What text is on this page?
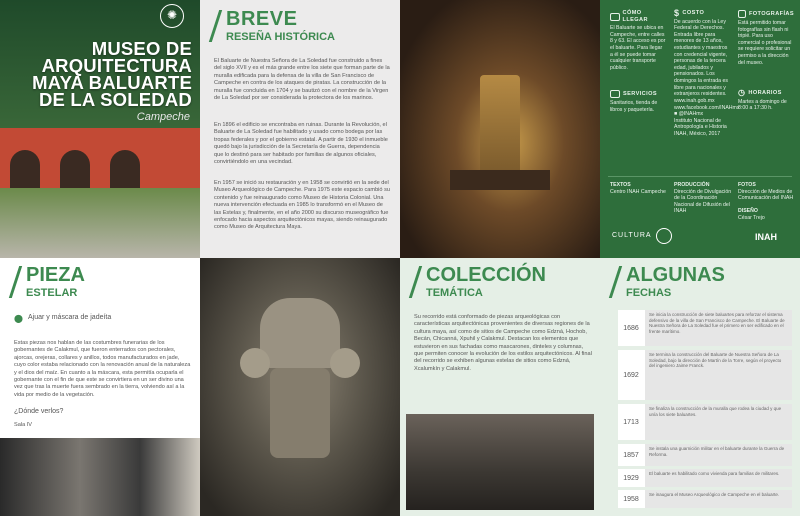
✺
MUSEO DE
ARQUITECTURA
MAYA BALUARTE
DE LA SOLEDAD
Campeche
BREVE
RESEÑA HISTÓRICA
El Baluarte de Nuestra Señora de La Soledad fue construido a fines del siglo XVII y es el más grande entre los siete que forman parte de la muralla edificada para la defensa de la villa de San Francisco de Campeche en contra de los ataques de piratas. La construcción de la muralla fue concluida en 1704 y se bautizó con el nombre de la Virgen de La Soledad por ser considerada la protectora de los marinos.
En 1896 el edificio se encontraba en ruinas. Durante la Revolución, el Baluarte de La Soledad fue habilitado y usado como bodega por las tropas federales y por el gobierno estatal. A partir de 1930 el inmueble quedó bajo la jurisdicción de la Secretaría de Guerra, dependencia que lo destinó para ser habitado por familias de algunos oficiales, convirtiéndolo en una vecindad.
En 1957 se inició su restauración y en 1958 se convirtió en la sede del Museo Arqueológico de Campeche. Para 1975 este espacio cambió su contenido y fue reinaugurado como Museo de Historia Colonial. Una nueva intervención efectuada en 1985 lo transformó en el Museo de las Estelas y, finalmente, en el año 2000 su discurso museográfico fue enfocado hacia aspectos arquitectónicos mayas, siendo reinaugurado como Museo de Arquitectura Maya.
CÓMO LLEGAR
El Baluarte se ubica en Campeche, entre calles 8 y 63. El acceso es por el baluarte. Para llegar a él se puede tomar cualquier transporte público.
$ COSTO
De acuerdo con la Ley Federal de Derechos. Entrada libre para menores de 13 años, estudiantes y maestros con credencial vigente, personas de la tercera edad, jubilados y pensionados. Los domingos la entrada es libre para nacionales y extranjeros residentes.
FOTOGRAFÍAS
Está permitido tomar fotografías sin flash ni tripié. Para uso comercial o profesional se requiere solicitar un permiso a la dirección del museo.
SERVICIOS
Sanitarios, tienda de libros y paquetería.
◷ HORARIOS
Martes a domingo de 8:00 a 17:30 h.
www.inah.gob.mx
www.facebook.com/INAHmx
■ @INAHmx
Instituto Nacional de Antropología e Historia
INAH, México, 2017
TEXTOS
Centro INAH Campeche
PRODUCCIÓN
Dirección de Divulgación de la Coordinación Nacional de Difusión del INAH
FOTOS
Dirección de Medios de Comunicación del INAH
DISEÑO
César Trejo
CULTURA	INAH
PIEZA
ESTELAR
⬤ Ajuar y máscara de jadeíta
Estas piezas nos hablan de las costumbres funerarias de los gobernantes de Calakmul, que fueron enterrados con pectorales, ajorcas, orejeras, collares y anillos, todos manufacturados en jade, cuyo color estaba relacionado con la renovación anual de la naturaleza y el dios del maíz. En cuanto a la máscara, esta permitía ocuparla el gobernante con el fin de que este se convirtiera en un ser divino una vez que tras la muerte fuera sembrado en la tierra, volviendo así a la vida por medio de la vegetación.
¿Dónde verlos?
Sala IV
COLECCIÓN
TEMÁTICA
Su recorrido está conformado de piezas arqueológicas con características arquitectónicas provenientes de diversas regiones de la cultura maya, así como de sitios de Campeche como Edzná, Hochob, Becán, Chicanná, Xpuhil y Calakmul. Destacan los elementos que estuvieron en sus fachadas como mascarones, dinteles y columnas, que permiten conocer la evolución de los estilos arquitectónicos. Al final del recorrido se exhiben algunas estelas de sitios como Edzná, Xcalumkín y Calakmul.
ALGUNAS
FECHAS
1686
Se inicia la construcción de siete baluartes para reforzar el sistema defensivo de la villa de San Francisco de Campeche. El Baluarte de Nuestra Señora de La Soledad fue el primero en ser edificado en el frente marítimo.
1692
Se termina la construcción del Baluarte de Nuestra Señora de La Soledad, bajo la dirección de Martín de la Torre, según el proyecto del ingeniero Jaime Franck.
1713
Se finaliza la construcción de la muralla que rodea la ciudad y que unía los siete baluartes.
1857
Se instala una guarnición militar en el baluarte durante la Guerra de Reforma.
1929
El baluarte es habilitado como vivienda para familias de militares.
1958
Se inaugura el Museo Arqueológico de Campeche en el baluarte.
